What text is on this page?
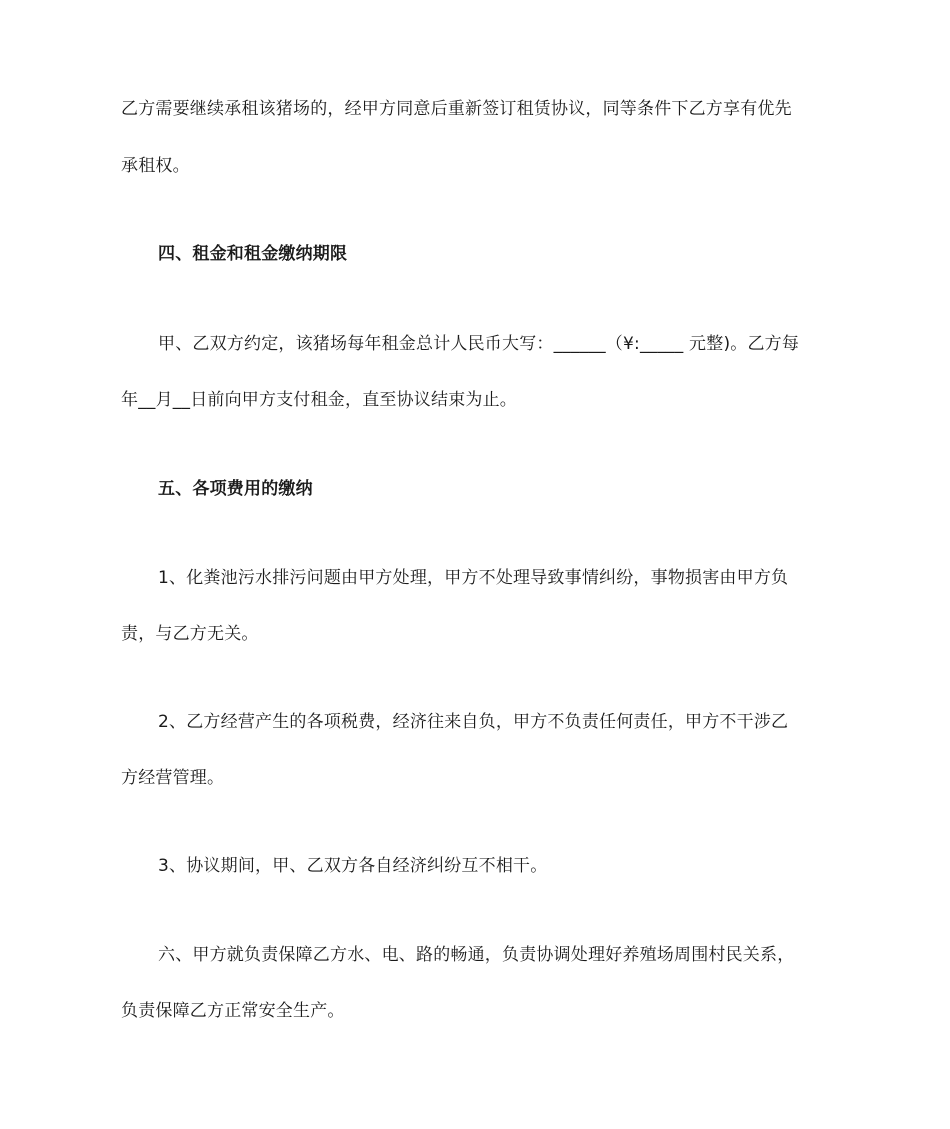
乙方需要继续承租该猪场的，经甲方同意后重新签订租赁协议，同等条件下乙方享有优先
承租权。
四、租金和租金缴纳期限
甲、乙双方约定，该猪场每年租金总计人民币大写：______（¥:_____ 元整)。乙方每
年__月__日前向甲方支付租金，直至协议结束为止。
五、各项费用的缴纳
1、化粪池污水排污问题由甲方处理，甲方不处理导致事情纠纷，事物损害由甲方负
责，与乙方无关。
2、乙方经营产生的各项税费，经济往来自负，甲方不负责任何责任，甲方不干涉乙
方经营管理。
3、协议期间，甲、乙双方各自经济纠纷互不相干。
六、甲方就负责保障乙方水、电、路的畅通，负责协调处理好养殖场周围村民关系，
负责保障乙方正常安全生产。
